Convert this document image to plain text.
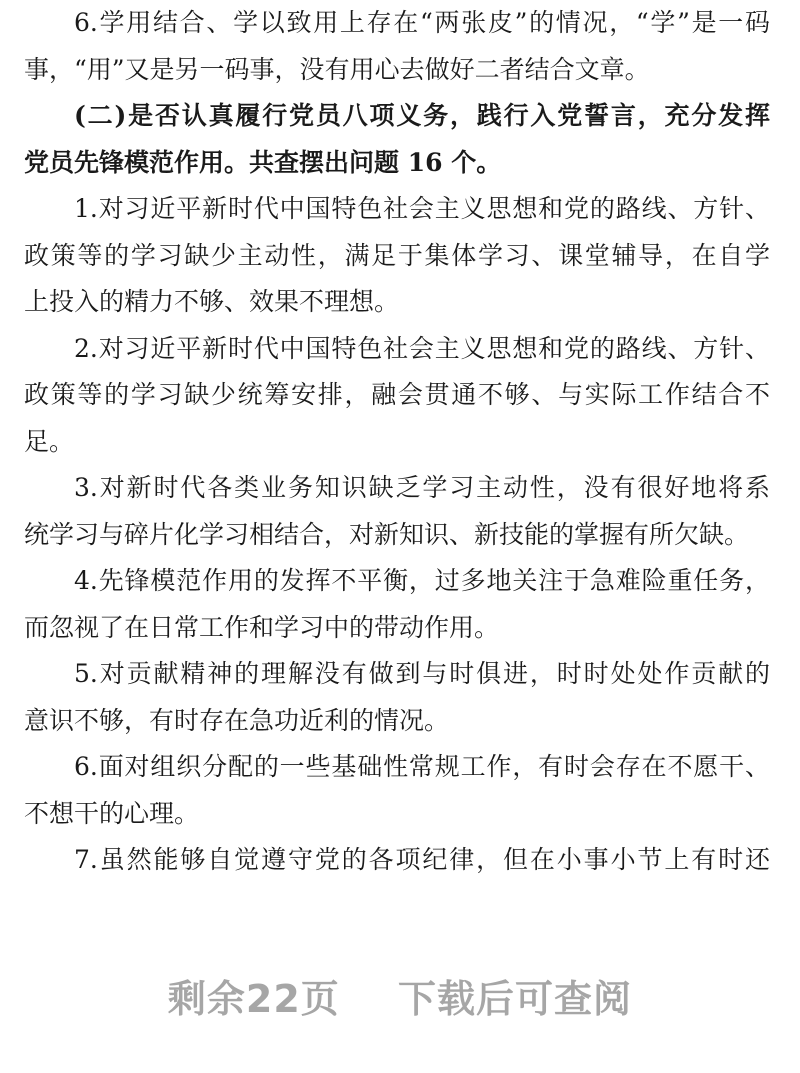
6.学用结合、学以致用上存在“两张皮”的情况，“学”是一码
事，“用”又是另一码事，没有用心去做好二者结合文章。
(二)是否认真履行党员八项义务，践行入党誓言，充分发挥
党员先锋模范作用。共查摆出问题 16 个。
1.对习近平新时代中国特色社会主义思想和党的路线、方针、
政策等的学习缺少主动性，满足于集体学习、课堂辅导，在自学
上投入的精力不够、效果不理想。
2.对习近平新时代中国特色社会主义思想和党的路线、方针、
政策等的学习缺少统筹安排，融会贯通不够、与实际工作结合不
足。
3.对新时代各类业务知识缺乏学习主动性，没有很好地将系
统学习与碎片化学习相结合，对新知识、新技能的掌握有所欠缺。
4.先锋模范作用的发挥不平衡，过多地关注于急难险重任务，
而忽视了在日常工作和学习中的带动作用。
5.对贡献精神的理解没有做到与时俱进，时时处处作贡献的
意识不够，有时存在急功近利的情况。
6.面对组织分配的一些基础性常规工作，有时会存在不愿干、
不想干的心理。
7.虽然能够自觉遵守党的各项纪律，但在小事小节上有时还
剩余22页 下载后可查阅
